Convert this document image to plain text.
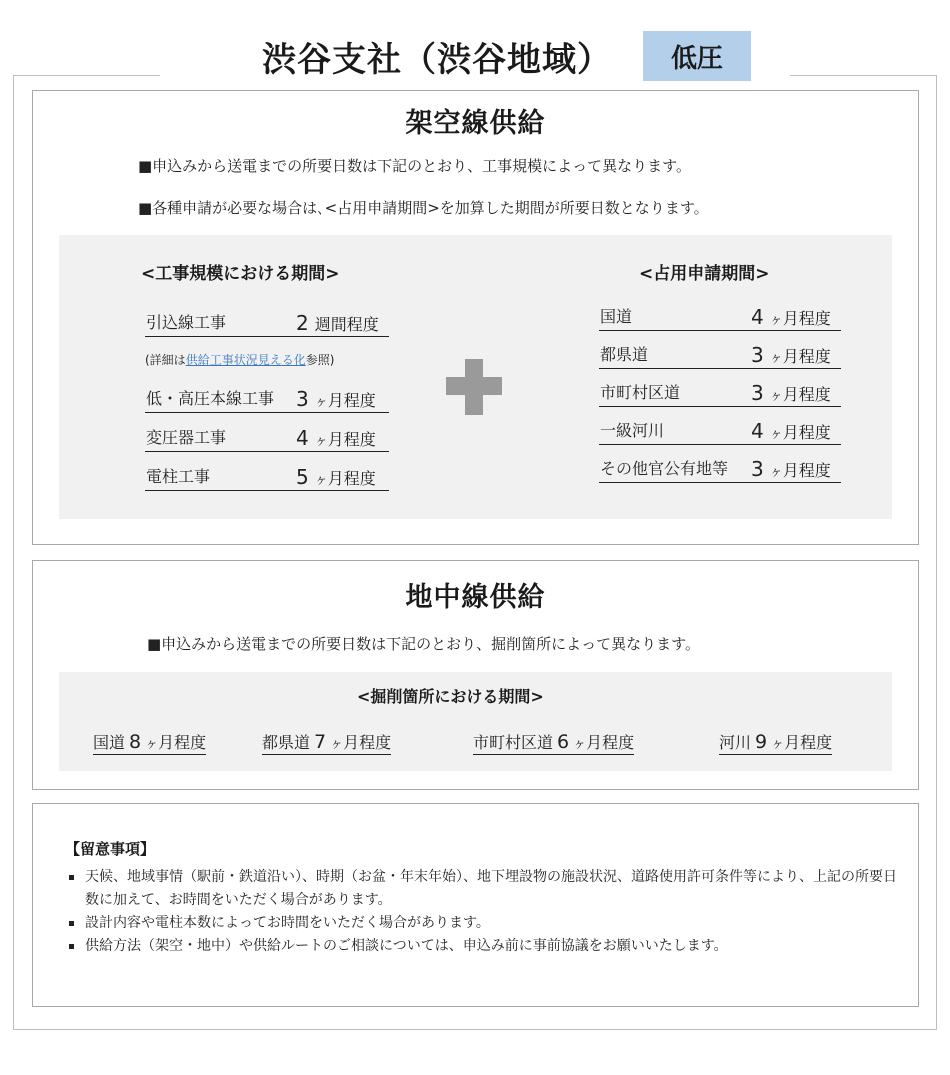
渋谷支社（渋谷地域）	低圧
架空線供給
■申込みから送電までの所要日数は下記のとおり、工事規模によって異なります。
■各種申請が必要な場合は､<占用申請期間>を加算した期間が所要日数となります。
<工事規模における期間>
引込線工事	2 週間程度
(詳細は供給工事状況見える化参照)
低・高圧本線工事 3 ヶ月程度
変圧器工事	4 ヶ月程度
電柱工事	5 ヶ月程度
<占用申請期間>
国道	4 ヶ月程度
都県道	3 ヶ月程度
市町村区道	3 ヶ月程度
一級河川	4 ヶ月程度
その他官公有地等 3 ヶ月程度
地中線供給
■申込みから送電までの所要日数は下記のとおり、掘削箇所によって異なります。
<掘削箇所における期間>
国道 8 ヶ月程度	都県道 7 ヶ月程度	市町村区道 6 ヶ月程度	河川 9 ヶ月程度
【留意事項】
天候、地域事情（駅前・鉄道沿い）、時期（お盆・年末年始）、地下埋設物の施設状況、道路使用許可条件等により、上記の所要日数に加えて、お時間をいただく場合があります。
設計内容や電柱本数によってお時間をいただく場合があります。
供給方法（架空・地中）や供給ルートのご相談については、申込み前に事前協議をお願いいたします。
